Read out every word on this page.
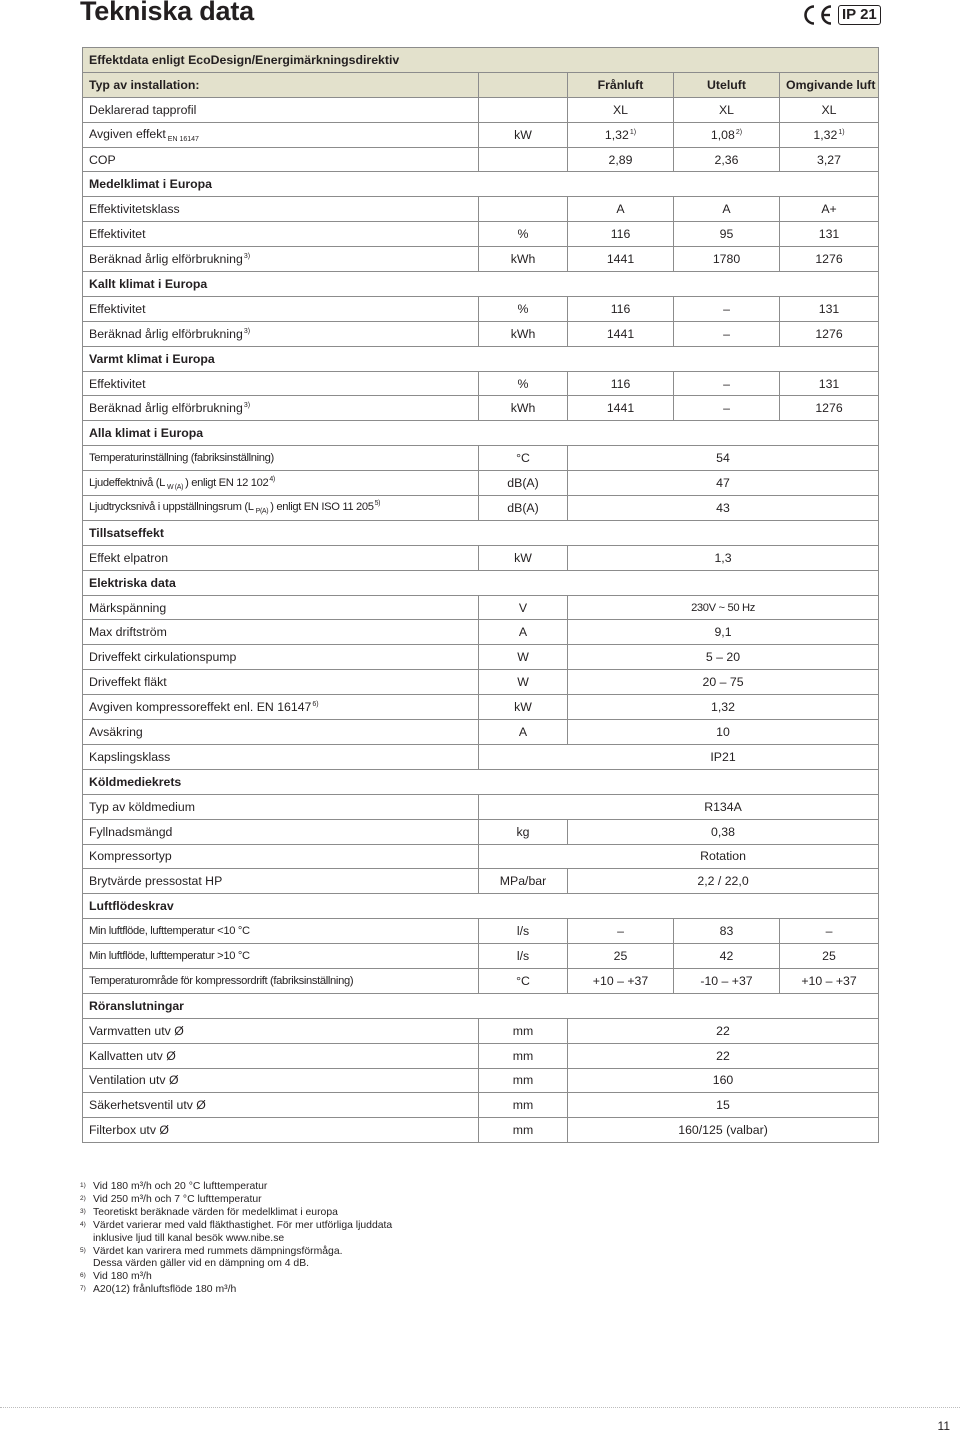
Tekniska data	IP 21
Effektdata enligt EcoDesign/Energimärkningsdirektiv				
Typ av installation:		Frånluft	Uteluft	Omgivande luft
Deklarerad tapprofil		XL	XL	XL
Avgiven effekt $_{EN 16147}$	kW	1,32$^{1)}$	1,08$^{2)}$	1,32$^{1)}$
COP		2,89	2,36	3,27
Medelklimat i Europa				
Effektivitetsklass		A	A	A+
Effektivitet	%	116	95	131
Beräknad årlig elförbrukning$^{3)}$	kWh	1441	1780	1276
Kallt klimat i Europa				
Effektivitet	%	116	–	131
Beräknad årlig elförbrukning$^{3)}$	kWh	1441	–	1276
Varmt klimat i Europa				
Effektivitet	%	116	–	131
Beräknad årlig elförbrukning$^{3)}$	kWh	1441	–	1276
Alla klimat i Europa				
Temperaturinställning (fabriksinställning)	°C	54		
Ljudeffektnivå (L $_{W (A)}$ ) enligt EN 12 102$^{4)}$	dB(A)	47		
Ljudtrycksnivå i uppställningsrum (L $_{P(A)}$ ) enligt EN ISO 11 205$^{5)}$	dB(A)	43		
Tillsatseffekt				
Effekt elpatron	kW	1,3		
Elektriska data				
Märkspänning	V	230V ~ 50 Hz		
Max driftström	A	9,1		
Driveffekt cirkulationspump	W	5 – 20		
Driveffekt fläkt	W	20 – 75		
Avgiven kompressoreffekt enl. EN 16147$^{6)}$	kW	1,32		
Avsäkring	A	10		
Kapslingsklass	IP21			
Köldmediekrets				
Typ av köldmedium	R134A			
Fyllnadsmängd	kg	0,38		
Kompressortyp	Rotation			
Brytvärde pressostat HP	MPa/bar	2,2 / 22,0		
Luftflödeskrav				
Min luftflöde, lufttemperatur <10 °C	l/s	–	83	–
Min luftflöde, lufttemperatur >10 °C	l/s	25	42	25
Temperaturområde för kompressordrift (fabriksinställning)	°C	+10 – +37	-10 – +37	+10 – +37
Röranslutningar				
Varmvatten utv Ø	mm	22		
Kallvatten utv Ø	mm	22		
Ventilation utv Ø	mm	160		
Säkerhetsventil utv Ø	mm	15		
Filterbox utv Ø	mm	160/125 (valbar)		
1) Vid 180 m³/h och 20 °C lufttemperatur
2) Vid 250 m³/h och 7 °C lufttemperatur
3) Teoretiskt beräknade värden för medelklimat i europa
4) Värdet varierar med vald fläkthastighet. För mer utförliga ljuddata
inklusive ljud till kanal besök www.nibe.se
5) Värdet kan varirera med rummets dämpningsförmåga.
Dessa värden gäller vid en dämpning om 4 dB.
6) Vid 180 m³/h
7) A20(12) frånluftsflöde 180 m³/h
11
